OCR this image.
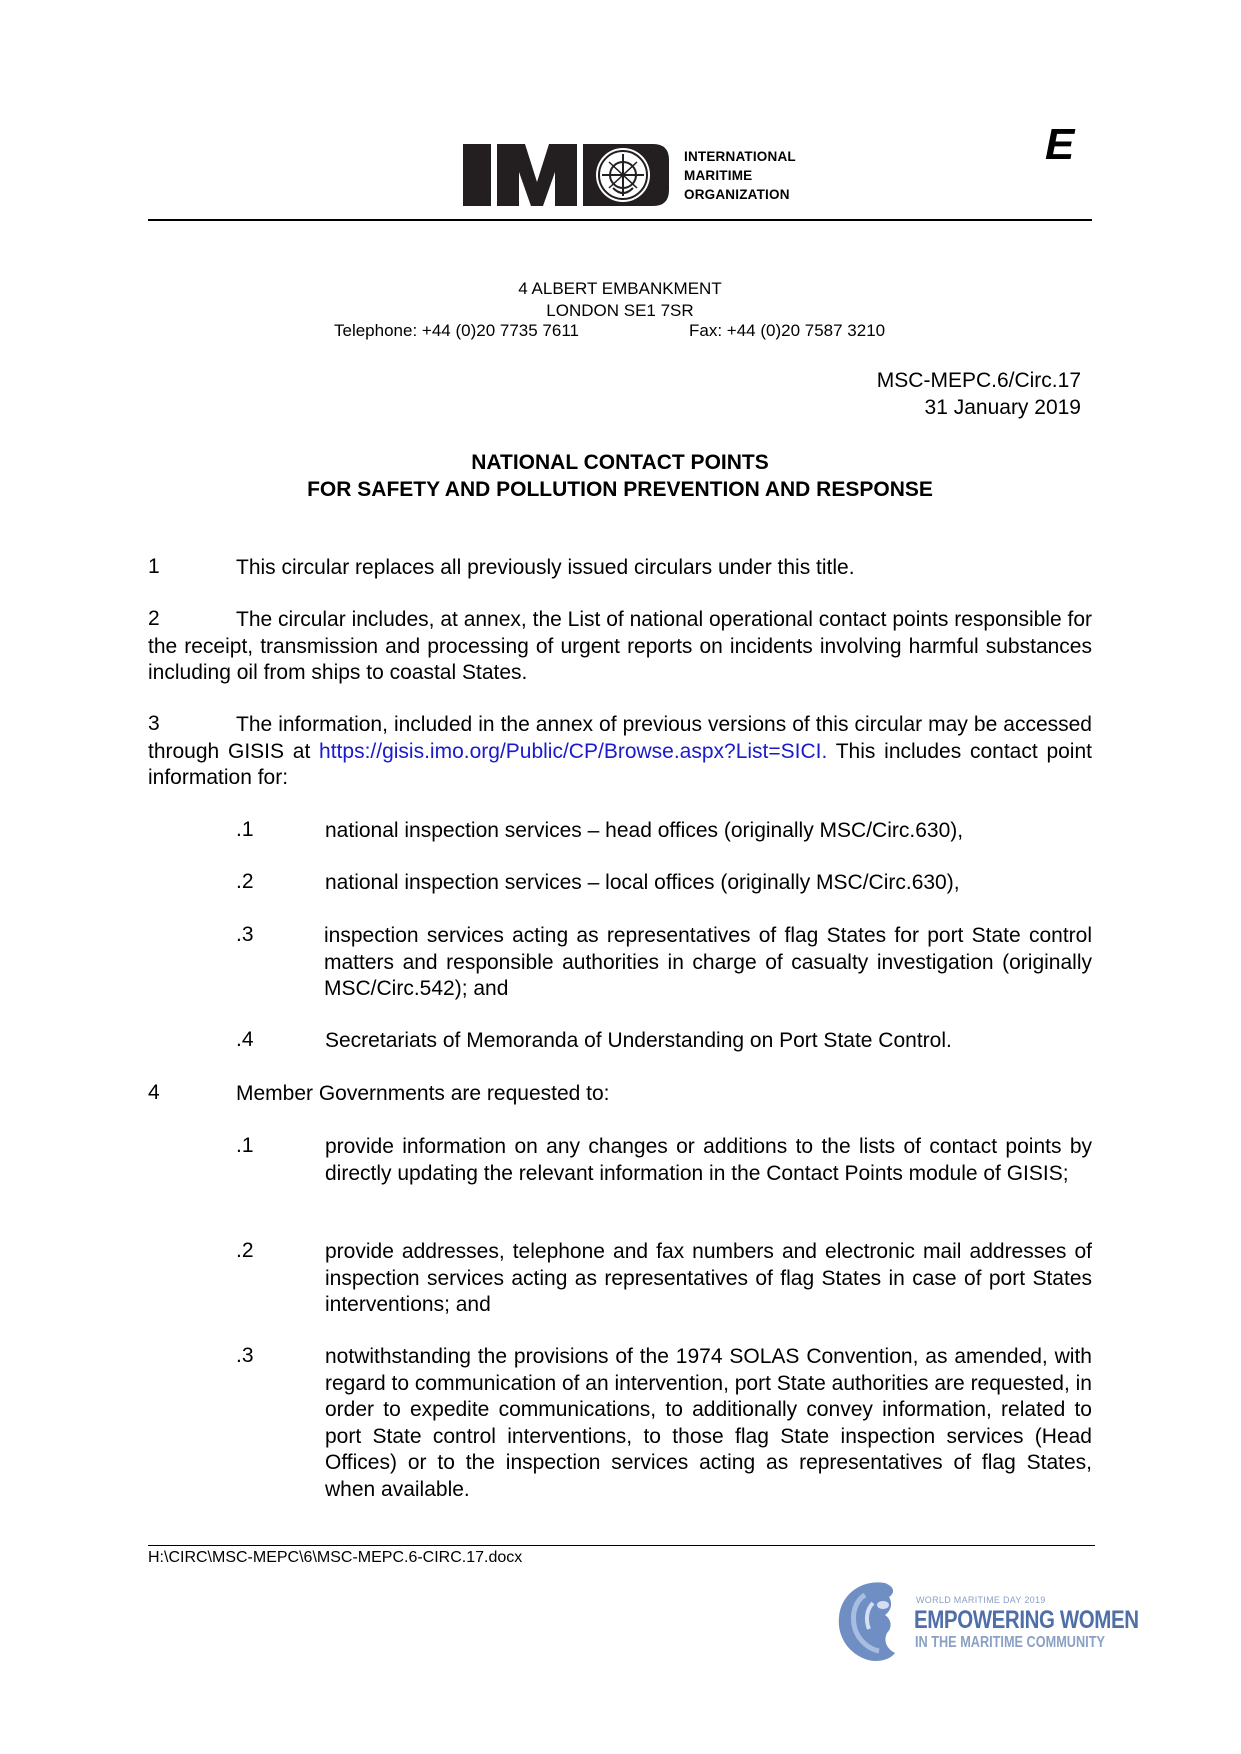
INTERNATIONAL
MARITIME
ORGANIZATION
E
4 ALBERT EMBANKMENT
LONDON SE1 7SR
Telephone: +44 (0)20 7735 7611	Fax: +44 (0)20 7587 3210
MSC-MEPC.6/Circ.17
31 January 2019
NATIONAL CONTACT POINTS
FOR SAFETY AND POLLUTION PREVENTION AND RESPONSE
1	This circular replaces all previously issued circulars under this title.
2	The circular includes, at annex, the List of national operational contact points responsible for the receipt, transmission and processing of urgent reports on incidents involving harmful substances including oil from ships to coastal States.
3	The information, included in the annex of previous versions of this circular may be accessed through GISIS at https://gisis.imo.org/Public/CP/Browse.aspx?List=SICI. This includes contact point information for:
.1	national inspection services – head offices (originally MSC/Circ.630),
.2	national inspection services – local offices (originally MSC/Circ.630),
.3	inspection services acting as representatives of flag States for port State control matters and responsible authorities in charge of casualty investigation (originally MSC/Circ.542); and
.4	Secretariats of Memoranda of Understanding on Port State Control.
4	Member Governments are requested to:
.1	provide information on any changes or additions to the lists of contact points by directly updating the relevant information in the Contact Points module of GISIS;
.2	provide addresses, telephone and fax numbers and electronic mail addresses of inspection services acting as representatives of flag States in case of port States interventions; and
.3	notwithstanding the provisions of the 1974 SOLAS Convention, as amended, with regard to communication of an intervention, port State authorities are requested, in order to expedite communications, to additionally convey information, related to port State control interventions, to those flag State inspection services (Head Offices) or to the inspection services acting as representatives of flag States, when available.
H:\CIRC\MSC-MEPC\6\MSC-MEPC.6-CIRC.17.docx
WORLD MARITIME DAY 2019
EMPOWERING WOMEN
IN THE MARITIME COMMUNITY
